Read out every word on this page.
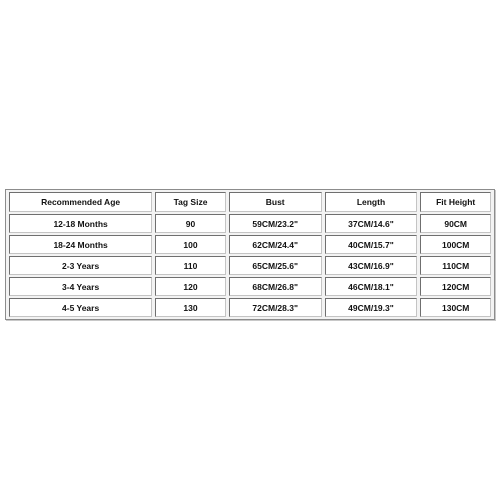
Recommended Age	Tag Size	Bust	Length	Fit Height
12-18 Months	90	59CM/23.2"	37CM/14.6"	90CM
18-24 Months	100	62CM/24.4"	40CM/15.7"	100CM
2-3 Years	110	65CM/25.6"	43CM/16.9"	110CM
3-4 Years	120	68CM/26.8"	46CM/18.1"	120CM
4-5 Years	130	72CM/28.3"	49CM/19.3"	130CM
